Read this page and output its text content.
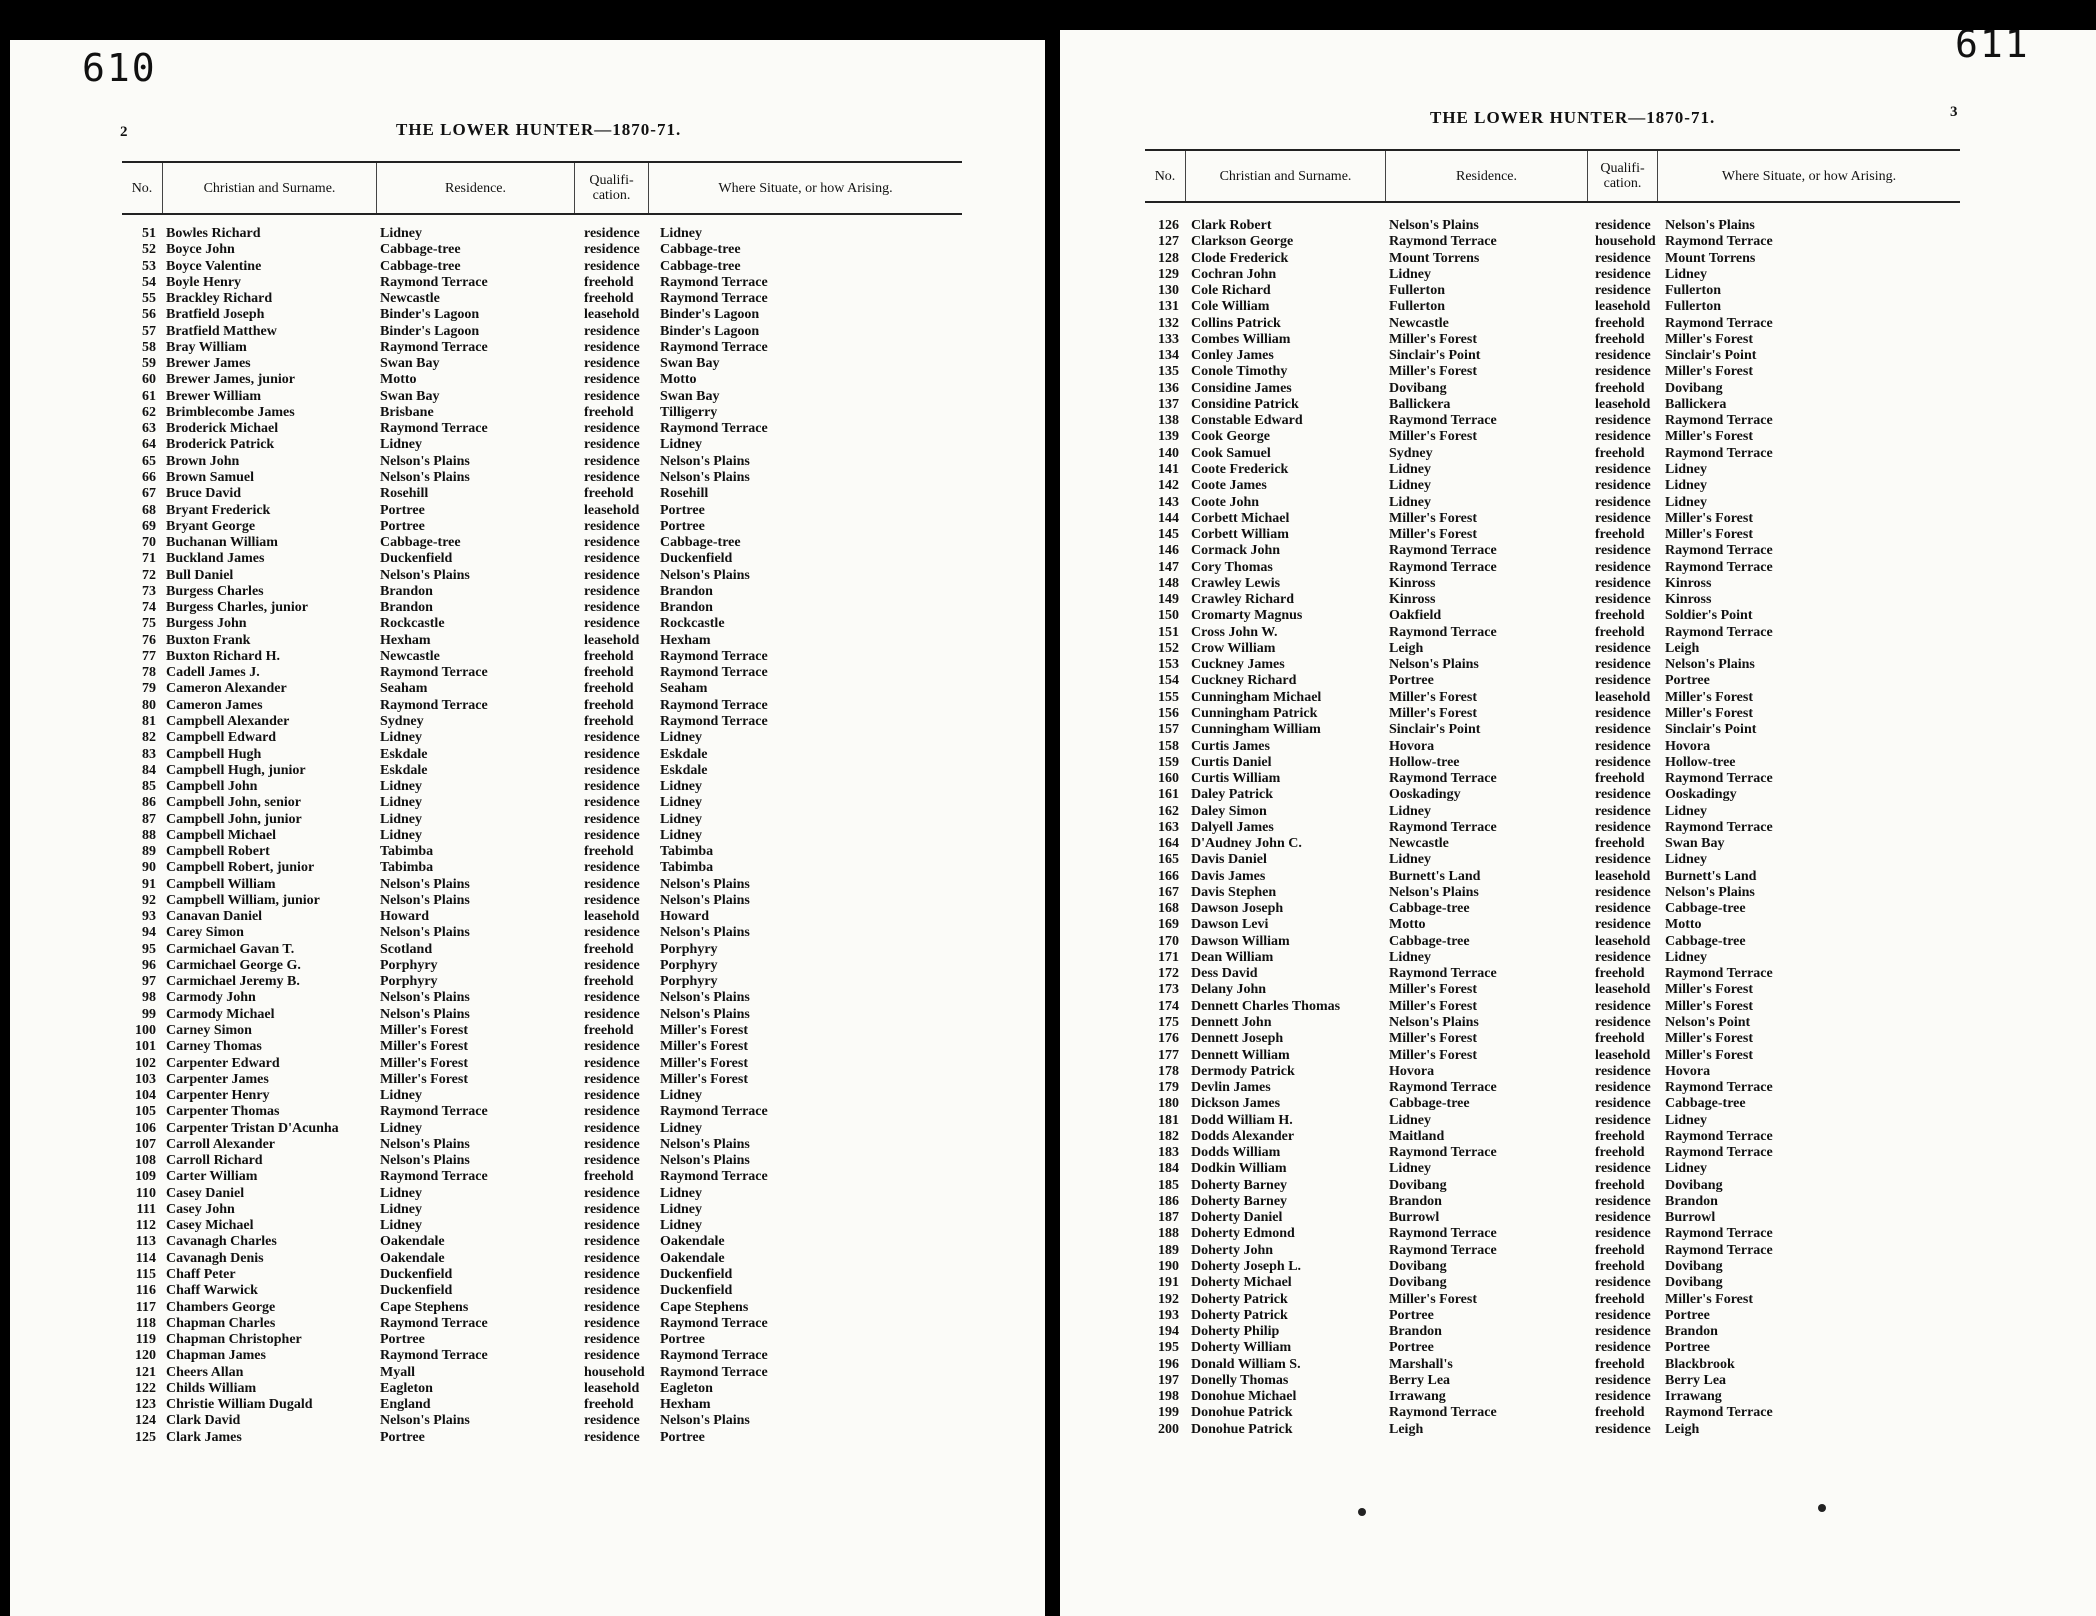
610
2	THE LOWER HUNTER—1870-71.
No.	Christian and Surname.	Residence.	Qualifi-
cation.	Where Situate, or how Arising.
51 Bowles Richard	Lidney	residence Lidney
52 Boyce John	Cabbage-tree	residence Cabbage-tree
53 Boyce Valentine	Cabbage-tree	residence Cabbage-tree
54 Boyle Henry	Raymond Terrace	freehold Raymond Terrace
55 Brackley Richard	Newcastle	freehold Raymond Terrace
56 Bratfield Joseph	Binder's Lagoon	leasehold Binder's Lagoon
57 Bratfield Matthew	Binder's Lagoon	residence Binder's Lagoon
58 Bray William	Raymond Terrace	residence Raymond Terrace
59 Brewer James	Swan Bay	residence Swan Bay
60 Brewer James, junior	Motto	residence Motto
61 Brewer William	Swan Bay	residence Swan Bay
62 Brimblecombe James	Brisbane	freehold Tilligerry
63 Broderick Michael	Raymond Terrace	residence Raymond Terrace
64 Broderick Patrick	Lidney	residence Lidney
65 Brown John	Nelson's Plains	residence Nelson's Plains
66 Brown Samuel	Nelson's Plains	residence Nelson's Plains
67 Bruce David	Rosehill	freehold Rosehill
68 Bryant Frederick	Portree	leasehold Portree
69 Bryant George	Portree	residence Portree
70 Buchanan William	Cabbage-tree	residence Cabbage-tree
71 Buckland James	Duckenfield	residence Duckenfield
72 Bull Daniel	Nelson's Plains	residence Nelson's Plains
73 Burgess Charles	Brandon	residence Brandon
74 Burgess Charles, junior	Brandon	residence Brandon
75 Burgess John	Rockcastle	residence Rockcastle
76 Buxton Frank	Hexham	leasehold Hexham
77 Buxton Richard H.	Newcastle	freehold Raymond Terrace
78 Cadell James J.	Raymond Terrace	freehold Raymond Terrace
79 Cameron Alexander	Seaham	freehold Seaham
80 Cameron James	Raymond Terrace	freehold Raymond Terrace
81 Campbell Alexander	Sydney	freehold Raymond Terrace
82 Campbell Edward	Lidney	residence Lidney
83 Campbell Hugh	Eskdale	residence Eskdale
84 Campbell Hugh, junior	Eskdale	residence Eskdale
85 Campbell John	Lidney	residence Lidney
86 Campbell John, senior	Lidney	residence Lidney
87 Campbell John, junior	Lidney	residence Lidney
88 Campbell Michael	Lidney	residence Lidney
89 Campbell Robert	Tabimba	freehold Tabimba
90 Campbell Robert, junior	Tabimba	residence Tabimba
91 Campbell William	Nelson's Plains	residence Nelson's Plains
92 Campbell William, junior	Nelson's Plains	residence Nelson's Plains
93 Canavan Daniel	Howard	leasehold Howard
94 Carey Simon	Nelson's Plains	residence Nelson's Plains
95 Carmichael Gavan T.	Scotland	freehold Porphyry
96 Carmichael George G.	Porphyry	residence Porphyry
97 Carmichael Jeremy B.	Porphyry	freehold Porphyry
98 Carmody John	Nelson's Plains	residence Nelson's Plains
99 Carmody Michael	Nelson's Plains	residence Nelson's Plains
100 Carney Simon	Miller's Forest	freehold Miller's Forest
101 Carney Thomas	Miller's Forest	residence Miller's Forest
102 Carpenter Edward	Miller's Forest	residence Miller's Forest
103 Carpenter James	Miller's Forest	residence Miller's Forest
104 Carpenter Henry	Lidney	residence Lidney
105 Carpenter Thomas	Raymond Terrace	residence Raymond Terrace
106 Carpenter Tristan D'Acunha	Lidney	residence Lidney
107 Carroll Alexander	Nelson's Plains	residence Nelson's Plains
108 Carroll Richard	Nelson's Plains	residence Nelson's Plains
109 Carter William	Raymond Terrace	freehold Raymond Terrace
110 Casey Daniel	Lidney	residence Lidney
111 Casey John	Lidney	residence Lidney
112 Casey Michael	Lidney	residence Lidney
113 Cavanagh Charles	Oakendale	residence Oakendale
114 Cavanagh Denis	Oakendale	residence Oakendale
115 Chaff Peter	Duckenfield	residence Duckenfield
116 Chaff Warwick	Duckenfield	residence Duckenfield
117 Chambers George	Cape Stephens	residence Cape Stephens
118 Chapman Charles	Raymond Terrace	residence Raymond Terrace
119 Chapman Christopher	Portree	residence Portree
120 Chapman James	Raymond Terrace	residence Raymond Terrace
121 Cheers Allan	Myall	household Raymond Terrace
122 Childs William	Eagleton	leasehold Eagleton
123 Christie William Dugald	England	freehold Hexham
124 Clark David	Nelson's Plains	residence Nelson's Plains
125 Clark James	Portree	residence Portree
611
3
THE LOWER HUNTER—1870-71.
No.	Christian and Surname.	Residence.	Qualifi-
cation.	Where Situate, or how Arising.
126 Clark Robert	Nelson's Plains	residence Nelson's Plains
127 Clarkson George	Raymond Terrace	household Raymond Terrace
128 Clode Frederick	Mount Torrens	residence Mount Torrens
129 Cochran John	Lidney	residence Lidney
130 Cole Richard	Fullerton	residence Fullerton
131 Cole William	Fullerton	leasehold Fullerton
132 Collins Patrick	Newcastle	freehold Raymond Terrace
133 Combes William	Miller's Forest	freehold Miller's Forest
134 Conley James	Sinclair's Point	residence Sinclair's Point
135 Conole Timothy	Miller's Forest	residence Miller's Forest
136 Considine James	Dovibang	freehold Dovibang
137 Considine Patrick	Ballickera	leasehold Ballickera
138 Constable Edward	Raymond Terrace	residence Raymond Terrace
139 Cook George	Miller's Forest	residence Miller's Forest
140 Cook Samuel	Sydney	freehold Raymond Terrace
141 Coote Frederick	Lidney	residence Lidney
142 Coote James	Lidney	residence Lidney
143 Coote John	Lidney	residence Lidney
144 Corbett Michael	Miller's Forest	residence Miller's Forest
145 Corbett William	Miller's Forest	freehold Miller's Forest
146 Cormack John	Raymond Terrace	residence Raymond Terrace
147 Cory Thomas	Raymond Terrace	residence Raymond Terrace
148 Crawley Lewis	Kinross	residence Kinross
149 Crawley Richard	Kinross	residence Kinross
150 Cromarty Magnus	Oakfield	freehold Soldier's Point
151 Cross John W.	Raymond Terrace	freehold Raymond Terrace
152 Crow William	Leigh	residence Leigh
153 Cuckney James	Nelson's Plains	residence Nelson's Plains
154 Cuckney Richard	Portree	residence Portree
155 Cunningham Michael	Miller's Forest	leasehold Miller's Forest
156 Cunningham Patrick	Miller's Forest	residence Miller's Forest
157 Cunningham William	Sinclair's Point	residence Sinclair's Point
158 Curtis James	Hovora	residence Hovora
159 Curtis Daniel	Hollow-tree	residence Hollow-tree
160 Curtis William	Raymond Terrace	freehold Raymond Terrace
161 Daley Patrick	Ooskadingy	residence Ooskadingy
162 Daley Simon	Lidney	residence Lidney
163 Dalyell James	Raymond Terrace	residence Raymond Terrace
164 D'Audney John C.	Newcastle	freehold Swan Bay
165 Davis Daniel	Lidney	residence Lidney
166 Davis James	Burnett's Land	leasehold Burnett's Land
167 Davis Stephen	Nelson's Plains	residence Nelson's Plains
168 Dawson Joseph	Cabbage-tree	residence Cabbage-tree
169 Dawson Levi	Motto	residence Motto
170 Dawson William	Cabbage-tree	leasehold Cabbage-tree
171 Dean William	Lidney	residence Lidney
172 Dess David	Raymond Terrace	freehold Raymond Terrace
173 Delany John	Miller's Forest	leasehold Miller's Forest
174 Dennett Charles Thomas	Miller's Forest	residence Miller's Forest
175 Dennett John	Nelson's Plains	residence Nelson's Point
176 Dennett Joseph	Miller's Forest	freehold Miller's Forest
177 Dennett William	Miller's Forest	leasehold Miller's Forest
178 Dermody Patrick	Hovora	residence Hovora
179 Devlin James	Raymond Terrace	residence Raymond Terrace
180 Dickson James	Cabbage-tree	residence Cabbage-tree
181 Dodd William H.	Lidney	residence Lidney
182 Dodds Alexander	Maitland	freehold Raymond Terrace
183 Dodds William	Raymond Terrace	freehold Raymond Terrace
184 Dodkin William	Lidney	residence Lidney
185 Doherty Barney	Dovibang	freehold Dovibang
186 Doherty Barney	Brandon	residence Brandon
187 Doherty Daniel	Burrowl	residence Burrowl
188 Doherty Edmond	Raymond Terrace	residence Raymond Terrace
189 Doherty John	Raymond Terrace	freehold Raymond Terrace
190 Doherty Joseph L.	Dovibang	freehold Dovibang
191 Doherty Michael	Dovibang	residence Dovibang
192 Doherty Patrick	Miller's Forest	freehold Miller's Forest
193 Doherty Patrick	Portree	residence Portree
194 Doherty Philip	Brandon	residence Brandon
195 Doherty William	Portree	residence Portree
196 Donald William S.	Marshall's	freehold Blackbrook
197 Donelly Thomas	Berry Lea	residence Berry Lea
198 Donohue Michael	Irrawang	residence Irrawang
199 Donohue Patrick	Raymond Terrace	freehold Raymond Terrace
200 Donohue Patrick	Leigh	residence Leigh
